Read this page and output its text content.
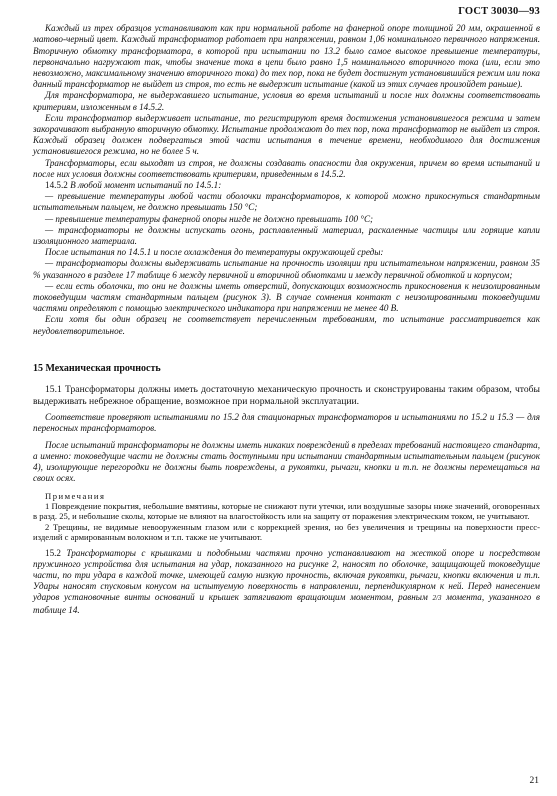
ГОСТ 30030—93

Каждый из трех образцов устанавливают как при нормальной работе на фанерной опоре толщиной 20 мм, окрашенной в матово-черный цвет. Каждый трансформатор работает при напряжении, равном 1,06 номинального первичного напряжения. Вторичную обмотку трансформатора, в которой при испытании по 13.2 было самое высокое превышение температуры, первоначально нагружают так, чтобы значение тока в цепи было равно 1,5 номинального вторичного тока (или, если это невозможно, максимальному значению вторичного тока) до тех пор, пока не будет достигнут установившийся режим или пока данный трансформатор не выйдет из строя, то есть не выдержит испытание (какой из этих случаев произойдет раньше).

Для трансформатора, не выдержавшего испытание, условия во время испытаний и после них должны соответствовать критериям, изложенным в 14.5.2.

Если трансформатор выдерживает испытание, то регистрируют время достижения установившегося режима и затем закорачивают выбранную вторичную обмотку. Испытание продолжают до тех пор, пока трансформатор не выйдет из строя. Каждый образец должен подвергаться этой части испытания в течение времени, необходимого для достижения установившегося режима, но не более 5 ч.

Трансформаторы, если выходят из строя, не должны создавать опасности для окружения, причем во время испытаний и после них условия должны соответствовать критериям, приведенным в 14.5.2.

14.5.2 В любой момент испытаний по 14.5.1:

— превышение температуры любой части оболочки трансформаторов, к которой можно прикоснуться стандартным испытательным пальцем, не должно превышать 150 °С;

— превышение температуры фанерной опоры нигде не должно превышать 100 °С;

— трансформаторы не должны испускать огонь, расплавленный материал, раскаленные частицы или горящие капли изоляционного материала.

После испытания по 14.5.1 и после охлаждения до температуры окружающей среды:

— трансформаторы должны выдерживать испытание на прочность изоляции при испытательном напряжении, равном 35 % указанного в разделе 17 таблице 6 между первичной и вторичной обмотками и между первичной обмоткой и корпусом;

— если есть оболочки, то они не должны иметь отверстий, допускающих возможность прикосновения к неизолированным токоведущим частям стандартным пальцем (рисунок 3). В случае сомнения контакт с неизолированными токоведущими частями определяют с помощью электрического индикатора при напряжении не менее 40 В.

Если хотя бы один образец не соответствует перечисленным требованиям, то испытание рассматривается как неудовлетворительное.

15 Механическая прочность

15.1 Трансформаторы должны иметь достаточную механическую прочность и сконструированы таким образом, чтобы выдерживать небрежное обращение, возможное при нормальной эксплуатации.

Соответствие проверяют испытаниями по 15.2 для стационарных трансформаторов и испытаниями по 15.2 и 15.3 — для переносных трансформаторов.

После испытаний трансформаторы не должны иметь никаких повреждений в пределах требований настоящего стандарта, а именно: токоведущие части не должны стать доступными при испытании стандартным испытательным пальцем (рисунок 4), изолирующие перегородки не должны быть повреждены, а рукоятки, рычаги, кнопки и т.п. не должны перемещаться на своих осях.

Примечания

1 Повреждение покрытия, небольшие вмятины, которые не снижают пути утечки, или воздушные зазоры ниже значений, оговоренных в разд. 25, и небольшие сколы, которые не влияют на влагостойкость или на защиту от поражения электрическим током, не учитывают.

2 Трещины, не видимые невооруженным глазом или с коррекцией зрения, но без увеличения и трещины на поверхности пресс-изделий с армированным волокном и т.п. также не учитывают.

15.2 Трансформаторы с крышками и подобными частями прочно устанавливают на жесткой опоре и посредством пружинного устройства для испытания на удар, показанного на рисунке 2, наносят по оболочке, защищающей токоведущие части, по три удара в каждой точке, имеющей самую низкую прочность, включая рукоятки, рычаги, кнопки включения и т.п. Удары наносят спусковым конусом на испытуемую поверхность в направлении, перпендикулярном к ней. Перед нанесением ударов установочные винты оснований и крышек затягивают вращающим моментом, равным 2/3 момента, указанного в таблице 14.

21
